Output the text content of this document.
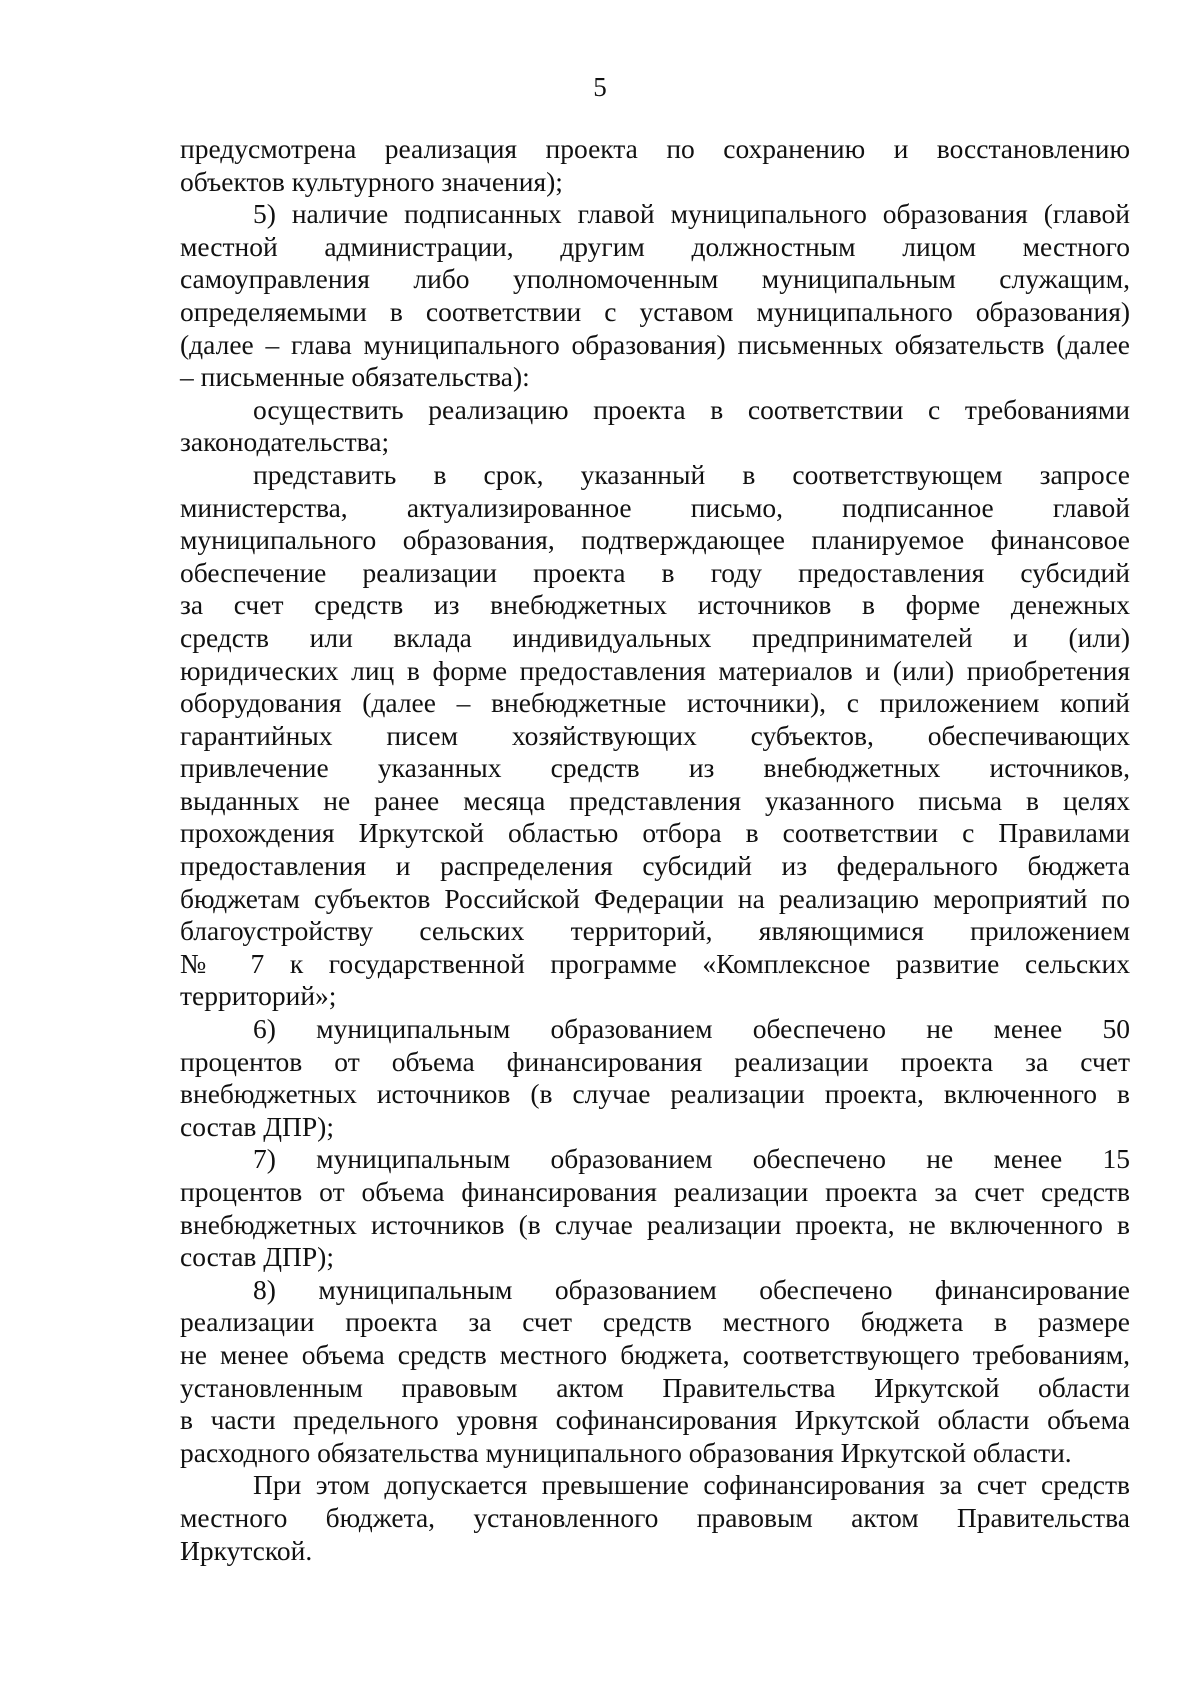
5
предусмотрена реализация проекта по сохранению и восстановлению
объектов культурного значения);
5) наличие подписанных главой муниципального образования (главой
местной администрации, другим должностным лицом местного
самоуправления либо уполномоченным муниципальным служащим,
определяемыми в соответствии с уставом муниципального образования)
(далее – глава муниципального образования) письменных обязательств (далее
– письменные обязательства):
осуществить реализацию проекта в соответствии с требованиями
законодательства;
представить в срок, указанный в соответствующем запросе
министерства, актуализированное письмо, подписанное главой
муниципального образования, подтверждающее планируемое финансовое
обеспечение реализации проекта в году предоставления субсидий
за счет средств из внебюджетных источников в форме денежных
средств или вклада индивидуальных предпринимателей и (или)
юридических лиц в форме предоставления материалов и (или) приобретения
оборудования (далее – внебюджетные источники), с приложением копий
гарантийных писем хозяйствующих субъектов, обеспечивающих
привлечение указанных средств из внебюджетных источников,
выданных не ранее месяца представления указанного письма в целях
прохождения Иркутской областью отбора в соответствии с Правилами
предоставления и распределения субсидий из федерального бюджета
бюджетам субъектов Российской Федерации на реализацию мероприятий по
благоустройству сельских территорий, являющимися приложением
№ 7 к государственной программе «Комплексное развитие сельских
территорий»;
6) муниципальным образованием обеспечено не менее 50
процентов от объема финансирования реализации проекта за счет
внебюджетных источников (в случае реализации проекта, включенного в
состав ДПР);
7) муниципальным образованием обеспечено не менее 15
процентов от объема финансирования реализации проекта за счет средств
внебюджетных источников (в случае реализации проекта, не включенного в
состав ДПР);
8) муниципальным образованием обеспечено финансирование
реализации проекта за счет средств местного бюджета в размере
не менее объема средств местного бюджета, соответствующего требованиям,
установленным правовым актом Правительства Иркутской области
в части предельного уровня софинансирования Иркутской области объема
расходного обязательства муниципального образования Иркутской области.
При этом допускается превышение софинансирования за счет средств
местного бюджета, установленного правовым актом Правительства
Иркутской.
